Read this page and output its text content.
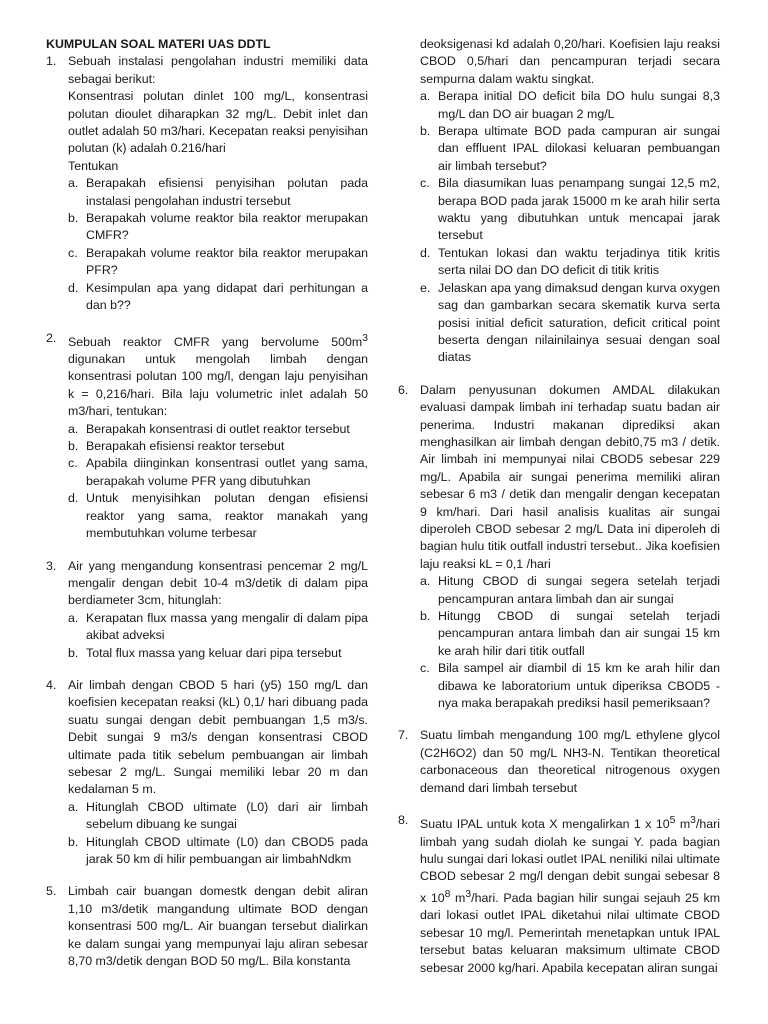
KUMPULAN SOAL MATERI UAS DDTL

1. Sebuah instalasi pengolahan industri memiliki data sebagai berikut:

Konsentrasi polutan dinlet 100 mg/L, konsentrasi polutan dioulet diharapkan 32 mg/L. Debit inlet dan outlet adalah 50 m3/hari. Kecepatan reaksi penyisihan polutan (k) adalah 0.216/hari

Tentukan

a. Berapakah efisiensi penyisihan polutan pada instalasi pengolahan industri tersebut
b. Berapakah volume reaktor bila reaktor merupakan CMFR?
c. Berapakah volume reaktor bila reaktor merupakan PFR?
d. Kesimpulan apa yang didapat dari perhitungan a dan b??
2. Sebuah reaktor CMFR yang bervolume $500m^3$ digunakan untuk mengolah limbah dengan konsentrasi polutan 100 mg/l, dengan laju penyisihan k = 0,216/hari. Bila laju volumetric inlet adalah 50 m3/hari, tentukan:

a. Berapakah konsentrasi di outlet reaktor tersebut
b. Berapakah efisiensi reaktor tersebut
c. Apabila diinginkan konsentrasi outlet yang sama, berapakah volume PFR yang dibutuhkan
d. Untuk menyisihkan polutan dengan efisiensi reaktor yang sama, reaktor manakah yang membutuhkan volume terbesar
3. Air yang mengandung konsentrasi pencemar 2 mg/L mengalir dengan debit 10-4 m3/detik di dalam pipa berdiameter 3cm, hitunglah:

a. Kerapatan flux massa yang mengalir di dalam pipa akibat adveksi
b. Total flux massa yang keluar dari pipa tersebut
4. Air limbah dengan CBOD 5 hari (y5) 150 mg/L dan koefisien kecepatan reaksi (kL) 0,1/ hari dibuang pada suatu sungai dengan debit pembuangan 1,5 m3/s. Debit sungai 9 m3/s dengan konsentrasi CBOD ultimate pada titik sebelum pembuangan air limbah sebesar 2 mg/L. Sungai memiliki lebar 20 m dan kedalaman 5 m.

a. Hitunglah CBOD ultimate (L0) dari air limbah sebelum dibuang ke sungai
b. Hitunglah CBOD ultimate (L0) dan CBOD5 pada jarak 50 km di hilir pembuangan air limbahNdkm
5. Limbah cair buangan domestk dengan debit aliran 1,10 m3/detik mangandung ultimate BOD dengan konsentrasi 500 mg/L. Air buangan tersebut dialirkan ke dalam sungai yang mempunyai laju aliran sebesar 8,70 m3/detik dengan BOD 50 mg/L. Bila konstanta

deoksigenasi kd adalah 0,20/hari. Koefisien laju reaksi CBOD 0,5/hari dan pencampuran terjadi secara sempurna dalam waktu singkat.

a. Berapa initial DO deficit bila DO hulu sungai 8,3 mg/L dan DO air buagan 2 mg/L
b. Berapa ultimate BOD pada campuran air sungai dan effluent IPAL dilokasi keluaran pembuangan air limbah tersebut?
c. Bila diasumikan luas penampang sungai 12,5 m2, berapa BOD pada jarak 15000 m ke arah hilir serta waktu yang dibutuhkan untuk mencapai jarak tersebut
d. Tentukan lokasi dan waktu terjadinya titik kritis serta nilai DO dan DO deficit di titik kritis
e. Jelaskan apa yang dimaksud dengan kurva oxygen sag dan gambarkan secara skematik kurva serta posisi initial deficit saturation, deficit critical point beserta dengan nilainilainya sesuai dengan soal diatas
6. Dalam penyusunan dokumen AMDAL dilakukan evaluasi dampak limbah ini terhadap suatu badan air penerima. Industri makanan diprediksi akan menghasilkan air limbah dengan debit0,75 m3 / detik. Air limbah ini mempunyai nilai CBOD5 sebesar 229 mg/L. Apabila air sungai penerima memiliki aliran sebesar 6 m3 / detik dan mengalir dengan kecepatan 9 km/hari. Dari hasil analisis kualitas air sungai diperoleh CBOD sebesar 2 mg/L Data ini diperoleh di bagian hulu titik outfall industri tersebut.. Jika koefisien laju reaksi kL = 0,1 /hari

a. Hitung CBOD di sungai segera setelah terjadi pencampuran antara limbah dan air sungai
b. Hitungg CBOD di sungai setelah terjadi pencampuran antara limbah dan air sungai 15 km ke arah hilir dari titik outfall
c. Bila sampel air diambil di 15 km ke arah hilir dan dibawa ke laboratorium untuk diperiksa CBOD5 -nya maka berapakah prediksi hasil pemeriksaan?
7. Suatu limbah mengandung 100 mg/L ethylene glycol (C2H6O2) dan 50 mg/L NH3-N. Tentikan theoretical carbonaceous dan theoretical nitrogenous oxygen demand dari limbah tersebut

8. Suatu IPAL untuk kota X mengalirkan 1 x $10^5$ $m^3$/hari limbah yang sudah diolah ke sungai Y. pada bagian hulu sungai dari lokasi outlet IPAL neniliki nilai ultimate CBOD sebesar 2 mg/l dengan debit sungai sebesar 8 x $10^8$ $m^3$/hari. Pada bagian hilir sungai sejauh 25 km dari lokasi outlet IPAL diketahui nilai ultimate CBOD sebesar 10 mg/l. Pemerintah menetapkan untuk IPAL tersebut batas keluaran maksimum ultimate CBOD sebesar 2000 kg/hari. Apabila kecepatan aliran sungai
